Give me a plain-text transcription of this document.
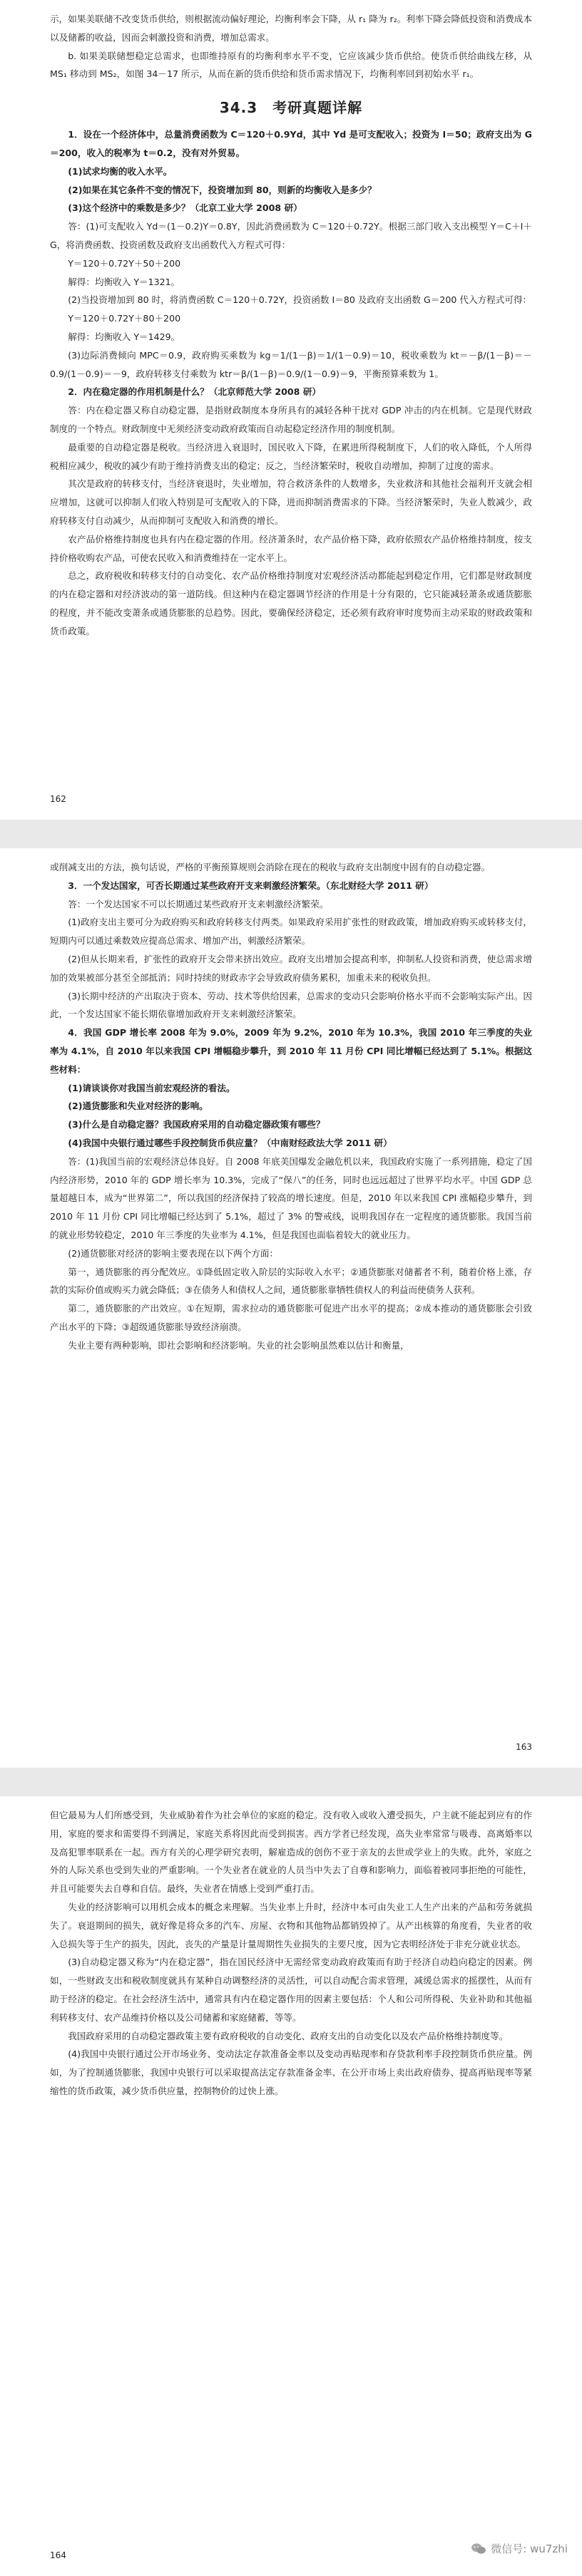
示，如果美联储不改变货币供给，则根据流动偏好理论，均衡利率会下降，从 r₁ 降为 r₂。利率下降会降低投资和消费成本以及储蓄的收益，因而会刺激投资和消费，增加总需求。

b. 如果美联储想稳定总需求，也即维持原有的均衡利率水平不变，它应该减少货币供给。使货币供给曲线左移，从 MS₁ 移动到 MS₂，如图 34－17 所示，从而在新的货币供给和货币需求情况下，均衡利率回到初始水平 r₁。

34.3　考研真题详解

1．设在一个经济体中，总量消费函数为 C＝120＋0.9Yd，其中 Yd 是可支配收入；投资为 I＝50；政府支出为 G＝200，收入的税率为 t＝0.2，没有对外贸易。

(1)试求均衡的收入水平。

(2)如果在其它条件不变的情况下，投资增加到 80，则新的均衡收入是多少？

(3)这个经济中的乘数是多少？（北京工业大学 2008 研）

答：(1)可支配收入 Yd＝(1－0.2)Y＝0.8Y，因此消费函数为 C＝120＋0.72Y。根据三部门收入支出模型 Y＝C＋I＋G，将消费函数、投资函数及政府支出函数代入方程式可得：

Y＝120＋0.72Y＋50＋200

解得：均衡收入 Y＝1321。

(2)当投资增加到 80 时，将消费函数 C＝120＋0.72Y，投资函数 I＝80 及政府支出函数 G＝200 代入方程式可得：

Y＝120＋0.72Y＋80＋200

解得：均衡收入 Y＝1429。

(3)边际消费倾向 MPC＝0.9，政府购买乘数为 kg＝1/(1－β)＝1/(1－0.9)＝10，税收乘数为 kt＝－β/(1－β)＝－0.9/(1－0.9)＝－9，政府转移支付乘数为 ktr＝β/(1－β)＝0.9/(1－0.9)＝9，平衡预算乘数为 1。

2．内在稳定器的作用机制是什么？（北京师范大学 2008 研）

答：内在稳定器又称自动稳定器，是指财政制度本身所具有的减轻各种干扰对 GDP 冲击的内在机制。它是现代财政制度的一个特点。财政制度中无须经济变动政府政策而自动起稳定经济作用的制度机制。

最重要的自动稳定器是税收。当经济进入衰退时，国民收入下降，在累进所得税制度下，人们的收入降低，个人所得税相应减少，税收的减少有助于维持消费支出的稳定；反之，当经济繁荣时，税收自动增加，抑制了过度的需求。

其次是政府的转移支付，当经济衰退时，失业增加，符合救济条件的人数增多，失业救济和其他社会福利开支就会相应增加，这就可以抑制人们收入特别是可支配收入的下降，进而抑制消费需求的下降。当经济繁荣时，失业人数减少，政府转移支付自动减少，从而抑制可支配收入和消费的增长。

农产品价格维持制度也具有内在稳定器的作用。经济萧条时，农产品价格下降，政府依照农产品价格维持制度，按支持价格收购农产品，可使农民收入和消费维持在一定水平上。

总之，政府税收和转移支付的自动变化、农产品价格维持制度对宏观经济活动都能起到稳定作用，它们都是财政制度的内在稳定器和对经济波动的第一道防线。但这种内在稳定器调节经济的作用是十分有限的，它只能减轻萧条或通货膨胀的程度，并不能改变萧条或通货膨胀的总趋势。因此，要确保经济稳定，还必须有政府审时度势而主动采取的财政政策和货币政策。

162

或削减支出的方法，换句话说，严格的平衡预算规则会消除在现在的税收与政府支出制度中固有的自动稳定器。

3．一个发达国家，可否长期通过某些政府开支来刺激经济繁荣。（东北财经大学 2011 研）

答：一个发达国家不可以长期通过某些政府开支来刺激经济繁荣。

(1)政府支出主要可分为政府购买和政府转移支付两类。如果政府采用扩张性的财政政策，增加政府购买或转移支付，短期内可以通过乘数效应提高总需求、增加产出，刺激经济繁荣。

(2)但从长期来看，扩张性的政府开支会带来挤出效应。政府支出增加会提高利率，抑制私人投资和消费，使总需求增加的效果被部分甚至全部抵消；同时持续的财政赤字会导致政府债务累积，加重未来的税收负担。

(3)长期中经济的产出取决于资本、劳动、技术等供给因素，总需求的变动只会影响价格水平而不会影响实际产出。因此，一个发达国家不能长期依靠增加政府开支来刺激经济繁荣。

4．我国 GDP 增长率 2008 年为 9.0%，2009 年为 9.2%，2010 年为 10.3%，我国 2010 年三季度的失业率为 4.1%，自 2010 年以来我国 CPI 增幅稳步攀升，到 2010 年 11 月份 CPI 同比增幅已经达到了 5.1%。根据这些材料：

(1)请谈谈你对我国当前宏观经济的看法。

(2)通货膨胀和失业对经济的影响。

(3)什么是自动稳定器？我国政府采用的自动稳定器政策有哪些？

(4)我国中央银行通过哪些手段控制货币供应量？（中南财经政法大学 2011 研）

答：(1)我国当前的宏观经济总体良好。自 2008 年底美国爆发金融危机以来，我国政府实施了一系列措施，稳定了国内经济形势，2010 年的 GDP 增长率为 10.3%，完成了“保八”的任务，同时也远远超过了世界平均水平。中国 GDP 总量超越日本，成为“世界第二”，所以我国的经济保持了较高的增长速度。但是，2010 年以来我国 CPI 涨幅稳步攀升，到 2010 年 11 月份 CPI 同比增幅已经达到了 5.1%，超过了 3% 的警戒线，说明我国存在一定程度的通货膨胀。我国当前的就业形势较稳定，2010 年三季度的失业率为 4.1%，但是我国也面临着较大的就业压力。

(2)通货膨胀对经济的影响主要表现在以下两个方面：

第一，通货膨胀的再分配效应。①降低固定收入阶层的实际收入水平；②通货膨胀对储蓄者不利，随着价格上涨，存款的实际价值或购买力就会降低；③在债务人和债权人之间，通货膨胀靠牺牲债权人的利益而使债务人获利。

第二，通货膨胀的产出效应。①在短期，需求拉动的通货膨胀可促进产出水平的提高；②成本推动的通货膨胀会引致产出水平的下降；③超级通货膨胀导致经济崩溃。

失业主要有两种影响，即社会影响和经济影响。失业的社会影响虽然难以估计和衡量，

163

但它最易为人们所感受到，失业威胁着作为社会单位的家庭的稳定。没有收入或收入遭受损失，户主就不能起到应有的作用，家庭的要求和需要得不到满足，家庭关系将因此而受到损害。西方学者已经发现，高失业率常常与吸毒、高离婚率以及高犯罪率联系在一起。西方有关的心理学研究表明，解雇造成的创伤不亚于亲友的去世或学业上的失败。此外，家庭之外的人际关系也受到失业的严重影响。一个失业者在就业的人员当中失去了自尊和影响力，面临着被同事拒绝的可能性，并且可能要失去自尊和自信。最终，失业者在情感上受到严重打击。

失业的经济影响可以用机会成本的概念来理解。当失业率上升时，经济中本可由失业工人生产出来的产品和劳务就损失了。衰退期间的损失，就好像是将众多的汽车、房屋、衣物和其他物品都销毁掉了。从产出核算的角度看，失业者的收入总损失等于生产的损失，因此，丧失的产量是计量周期性失业损失的主要尺度，因为它表明经济处于非充分就业状态。

(3)自动稳定器又称为“内在稳定器”，指在国民经济中无需经常变动政府政策而有助于经济自动趋向稳定的因素。例如，一些财政支出和税收制度就具有某种自动调整经济的灵活性，可以自动配合需求管理，减缓总需求的摇摆性，从而有助于经济的稳定。在社会经济生活中，通常具有内在稳定器作用的因素主要包括：个人和公司所得税、失业补助和其他福利转移支付、农产品维持价格以及公司储蓄和家庭储蓄，等等。

我国政府采用的自动稳定器政策主要有政府税收的自动变化、政府支出的自动变化以及农产品价格维持制度等。

(4)我国中央银行通过公开市场业务、变动法定存款准备金率以及变动再贴现率和存贷款利率手段控制货币供应量。例如，为了控制通货膨胀，我国中央银行可以采取提高法定存款准备金率、在公开市场上卖出政府债券、提高再贴现率等紧缩性的货币政策，减少货币供应量，控制物价的过快上涨。

164	微信号: wu7zhi
